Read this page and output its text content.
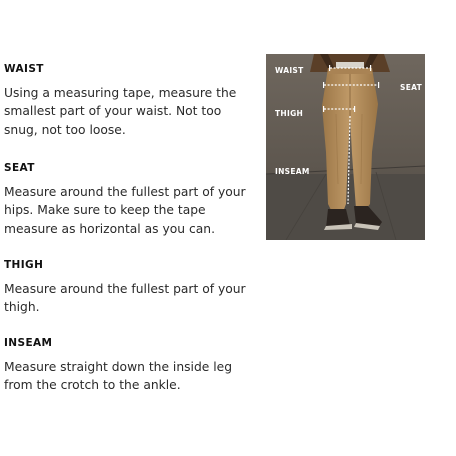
WAIST

Using a measuring tape, measure the smallest part of your waist. Not too snug, not too loose.

SEAT

Measure around the fullest part of your hips. Make sure to keep the tape measure as horizontal as you can.

THIGH

Measure around the fullest part of your thigh.

INSEAM

Measure straight down the inside leg from the crotch to the ankle.

WAIST
SEAT
THIGH
INSEAM
